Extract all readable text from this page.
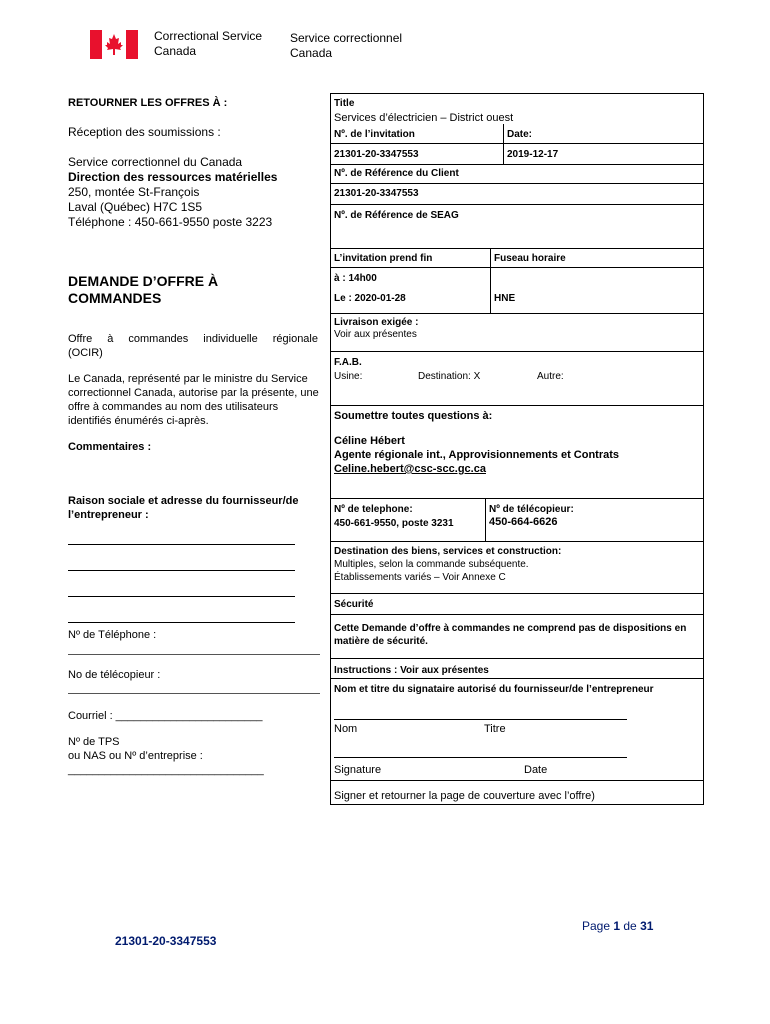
Correctional Service
Canada
Service correctionnel
Canada
RETOURNER LES OFFRES À :
Réception des soumissions :
Service correctionnel du Canada
Direction des ressources matérielles
250, montée St-François
Laval (Québec) H7C 1S5
Téléphone : 450-661-9550 poste 3223
DEMANDE D’OFFRE À
COMMANDES
Offre à commandes individuelle régionale
(OCIR)
Le Canada, représenté par le ministre du Service
correctionnel Canada, autorise par la présente, une
offre à commandes au nom des utilisateurs
identifiés énumérés ci-après.
Commentaires :
Raison sociale et adresse du fournisseur/de
l’entrepreneur :
Nº de Téléphone :
No de télécopieur :
Courriel : ________________________
Nº de TPS
ou NAS ou Nº d’entreprise :
________________________________
Title
Services d’électricien – District ouest
Nº. de l’invitation	Date:
21301-20-3347553	2019-12-17
Nº. de Référence du Client
21301-20-3347553
Nº. de Référence de SEAG
L’invitation prend fin	Fuseau horaire
à : 14h00
Le : 2020-01-28	HNE
Livraison exigée :
Voir aux présentes
F.A.B.
Usine:	Destination: X	Autre:
Soumettre toutes questions à:
Céline Hébert
Agente régionale int., Approvisionnements et Contrats
Celine.hebert@csc-scc.gc.ca
Nº de telephone:
450-661-9550, poste 3231
Nº de télécopieur:
450-664-6626
Destination des biens, services et construction:
Multiples, selon la commande subséquente.
Établissements variés – Voir Annexe C
Sécurité
Cette Demande d’offre à commandes ne comprend pas de dispositions en
matière de sécurité.
Instructions : Voir aux présentes
Nom et titre du signataire autorisé du fournisseur/de l’entrepreneur
Nom	Titre
Signature	Date
Signer et retourner la page de couverture avec l’offre)
Page 1 de 31
21301-20-3347553
